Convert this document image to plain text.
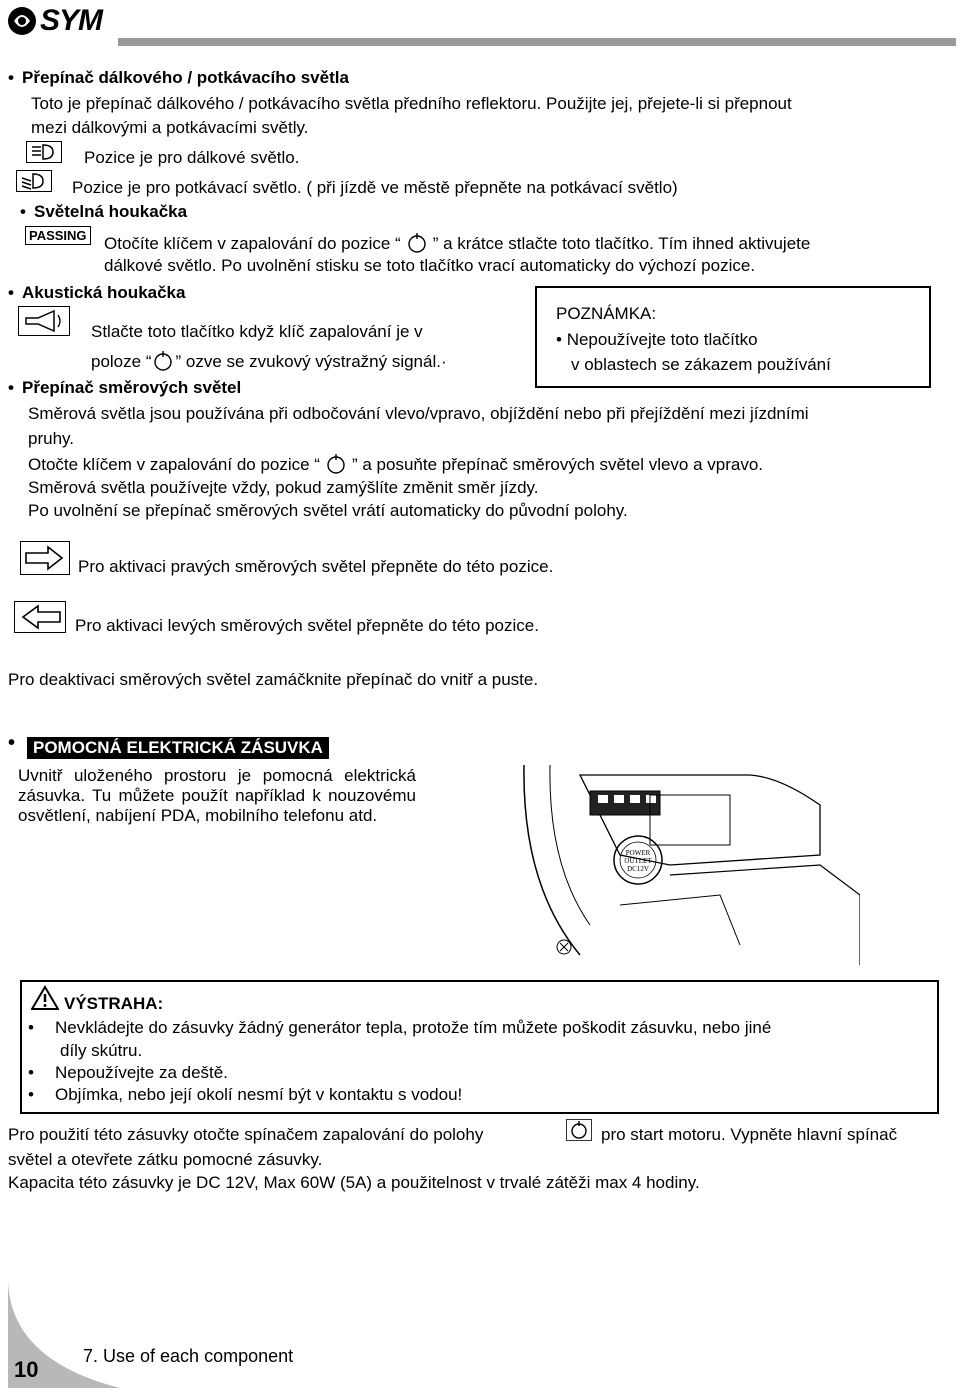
SYM
• Přepínač dálkového / potkávacího světla
Toto je přepínač dálkového / potkávacího světla předního reflektoru. Použijte jej, přejete-li si přepnout
mezi dálkovými a potkávacími světly.
Pozice je pro dálkové světlo.
Pozice je pro potkávací světlo. ( při jízdě ve městě přepněte na potkávací světlo)
• Světelná houkačka
PASSING Otočíte klíčem v zapalování do pozice “ ” a krátce stlačte toto tlačítko. Tím ihned aktivujete
dálkové světlo. Po uvolnění stisku se toto tlačítko vrací automaticky do výchozí pozice.
• Akustická houkačka
Stlačte toto tlačítko když klíč zapalování je v
poloze “ ” ozve se zvukový výstražný signál.·
POZNÁMKA:
• Nepoužívejte toto tlačítko
v oblastech se zákazem používání
• Přepínač směrových světel
Směrová světla jsou používána při odbočování vlevo/vpravo, objíždění nebo při přejíždění mezi jízdními
pruhy.
Otočte klíčem v zapalování do pozice “ ” a posuňte přepínač směrových světel vlevo a vpravo.
Směrová světla používejte vždy, pokud zamýšlíte změnit směr jízdy.
Po uvolnění se přepínač směrových světel vrátí automaticky do původní polohy.
Pro aktivaci pravých směrových světel přepněte do této pozice.
Pro aktivaci levých směrových světel přepněte do této pozice.
Pro deaktivaci směrových světel zamáčknite přepínač do vnitř a puste.
•	POMOCNÁ ELEKTRICKÁ ZÁSUVKA
Uvnitř uloženého prostoru je pomocná elektrická zásuvka. Tu můžete použít například k nouzovému osvětlení, nabíjení PDA, mobilního telefonu atd.
POWER
OUTLET
DC12V
VÝSTRAHA:
• Nevkládejte do zásuvky žádný generátor tepla, protože tím můžete poškodit zásuvku, nebo jiné
díly skútru.
• Nepoužívejte za deště.
• Objímka, nebo její okolí nesmí být v kontaktu s vodou!
Pro použití této zásuvky otočte spínačem zapalování do polohy	pro start motoru. Vypněte hlavní spínač
světel a otevřete zátku pomocné zásuvky.
Kapacita této zásuvky je DC 12V, Max 60W (5A) a použitelnost v trvalé zátěži max 4 hodiny.
10
7. Use of each component
